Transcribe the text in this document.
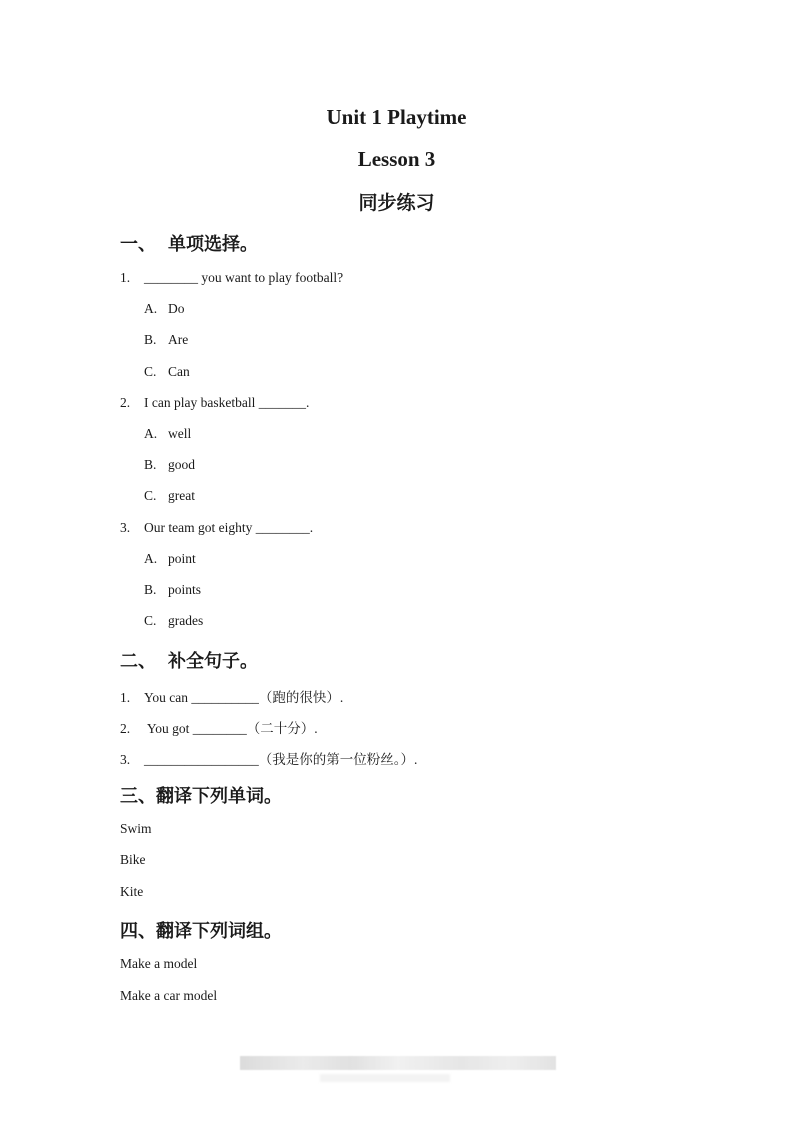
Unit 1 Playtime
Lesson 3
同步练习
一、 单项选择。
1. ________ you want to play football?
A. Do
B. Are
C. Can
2. I can play basketball _______.
A. well
B. good
C. great
3. Our team got eighty ________.
A. point
B. points
C. grades
二、 补全句子。
1. You can __________（跑的很快）.
2. You got ________（二十分）.
3. _________________（我是你的第一位粉丝。）.
三、翻译下列单词。
Swim
Bike
Kite
四、翻译下列词组。
Make a model
Make a car model
